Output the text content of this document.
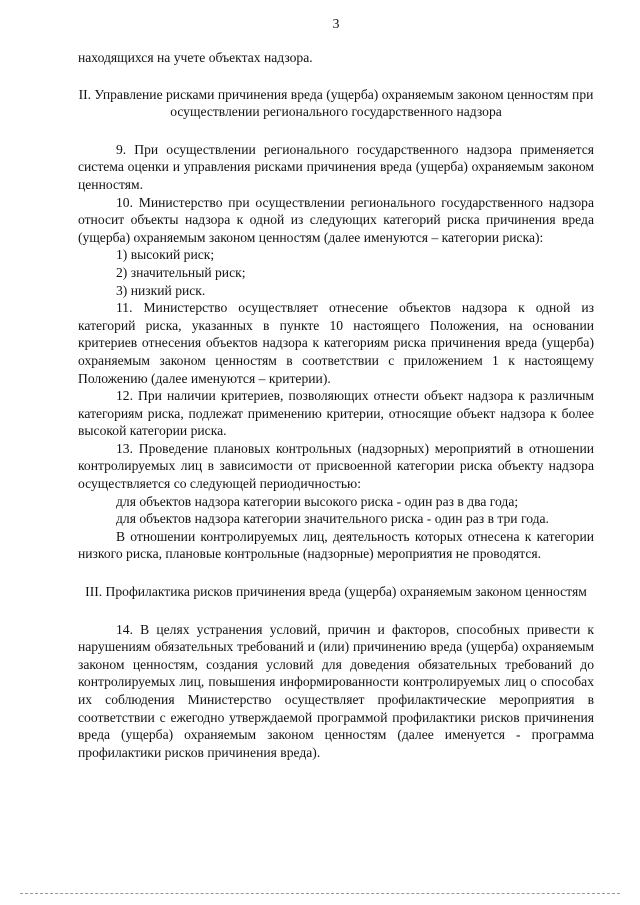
3

находящихся на учете объектах надзора.

II. Управление рисками причинения вреда (ущерба) охраняемым законом ценностям при осуществлении регионального государственного надзора

9. При осуществлении регионального государственного надзора применяется система оценки и управления рисками причинения вреда (ущерба) охраняемым законом ценностям.

10. Министерство при осуществлении регионального государственного надзора относит объекты надзора к одной из следующих категорий риска причинения вреда (ущерба) охраняемым законом ценностям (далее именуются – категории риска):

1) высокий риск;

2) значительный риск;

3) низкий риск.

11. Министерство осуществляет отнесение объектов надзора к одной из категорий риска, указанных в пункте 10 настоящего Положения, на основании критериев отнесения объектов надзора к категориям риска причинения вреда (ущерба) охраняемым законом ценностям в соответствии с приложением 1 к настоящему Положению (далее именуются – критерии).

12. При наличии критериев, позволяющих отнести объект надзора к различным категориям риска, подлежат применению критерии, относящие объект надзора к более высокой категории риска.

13. Проведение плановых контрольных (надзорных) мероприятий в отношении контролируемых лиц в зависимости от присвоенной категории риска объекту надзора осуществляется со следующей периодичностью:

для объектов надзора категории высокого риска - один раз в два года;

для объектов надзора категории значительного риска - один раз в три года.

В отношении контролируемых лиц, деятельность которых отнесена к категории низкого риска, плановые контрольные (надзорные) мероприятия не проводятся.

III. Профилактика рисков причинения вреда (ущерба) охраняемым законом ценностям

14. В целях устранения условий, причин и факторов, способных привести к нарушениям обязательных требований и (или) причинению вреда (ущерба) охраняемым законом ценностям, создания условий для доведения обязательных требований до контролируемых лиц, повышения информированности контролируемых лиц о способах их соблюдения Министерство осуществляет профилактические мероприятия в соответствии с ежегодно утверждаемой программой профилактики рисков причинения вреда (ущерба) охраняемым законом ценностям (далее именуется - программа профилактики рисков причинения вреда).
